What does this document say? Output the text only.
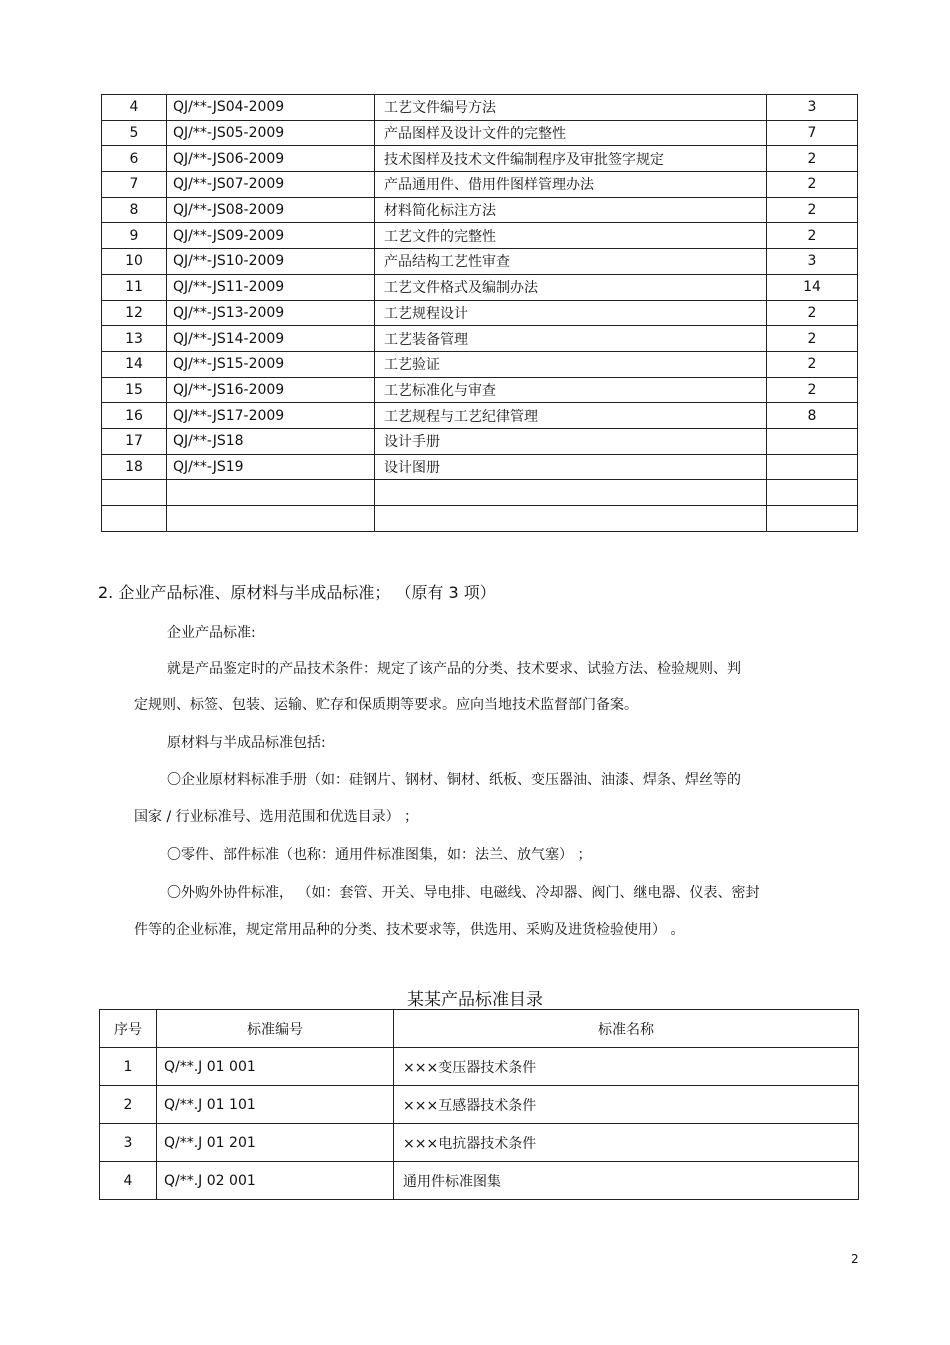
4	QJ/**-JS04-2009	工艺文件编号方法	3
5	QJ/**-JS05-2009	产品图样及设计文件的完整性	7
6	QJ/**-JS06-2009	技术图样及技术文件编制程序及审批签字规定	2
7	QJ/**-JS07-2009	产品通用件、借用件图样管理办法	2
8	QJ/**-JS08-2009	材料简化标注方法	2
9	QJ/**-JS09-2009	工艺文件的完整性	2
10	QJ/**-JS10-2009	产品结构工艺性审查	3
11	QJ/**-JS11-2009	工艺文件格式及编制办法	14
12	QJ/**-JS13-2009	工艺规程设计	2
13	QJ/**-JS14-2009	工艺装备管理	2
14	QJ/**-JS15-2009	工艺验证	2
15	QJ/**-JS16-2009	工艺标准化与审查	2
16	QJ/**-JS17-2009	工艺规程与工艺纪律管理	8
17	QJ/**-JS18	设计手册	
18	QJ/**-JS19	设计图册	

2. 企业产品标准、原材料与半成品标准； （原有 3 项）
企业产品标准:
就是产品鉴定时的产品技术条件：规定了该产品的分类、技术要求、试验方法、检验规则、判
定规则、标签、包装、运输、贮存和保质期等要求。应向当地技术监督部门备案。
原材料与半成品标准包括:
〇企业原材料标准手册（如：硅钢片、钢材、铜材、纸板、变压器油、油漆、焊条、焊丝等的
国家 / 行业标准号、选用范围和优选目录） ；
〇零件、部件标准（也称：通用件标准图集，如：法兰、放气塞） ；
〇外购外协件标准， （如：套管、开关、导电排、电磁线、冷却器、阀门、继电器、仪表、密封
件等的企业标准，规定常用品种的分类、技术要求等，供选用、采购及进货检验使用） 。
某某产品标准目录
序号	标准编号	标准名称
1	Q/**.J 01 001	×××变压器技术条件
2	Q/**.J 01 101	×××互感器技术条件
3	Q/**.J 01 201	×××电抗器技术条件
4	Q/**.J 02 001	通用件标准图集
2
